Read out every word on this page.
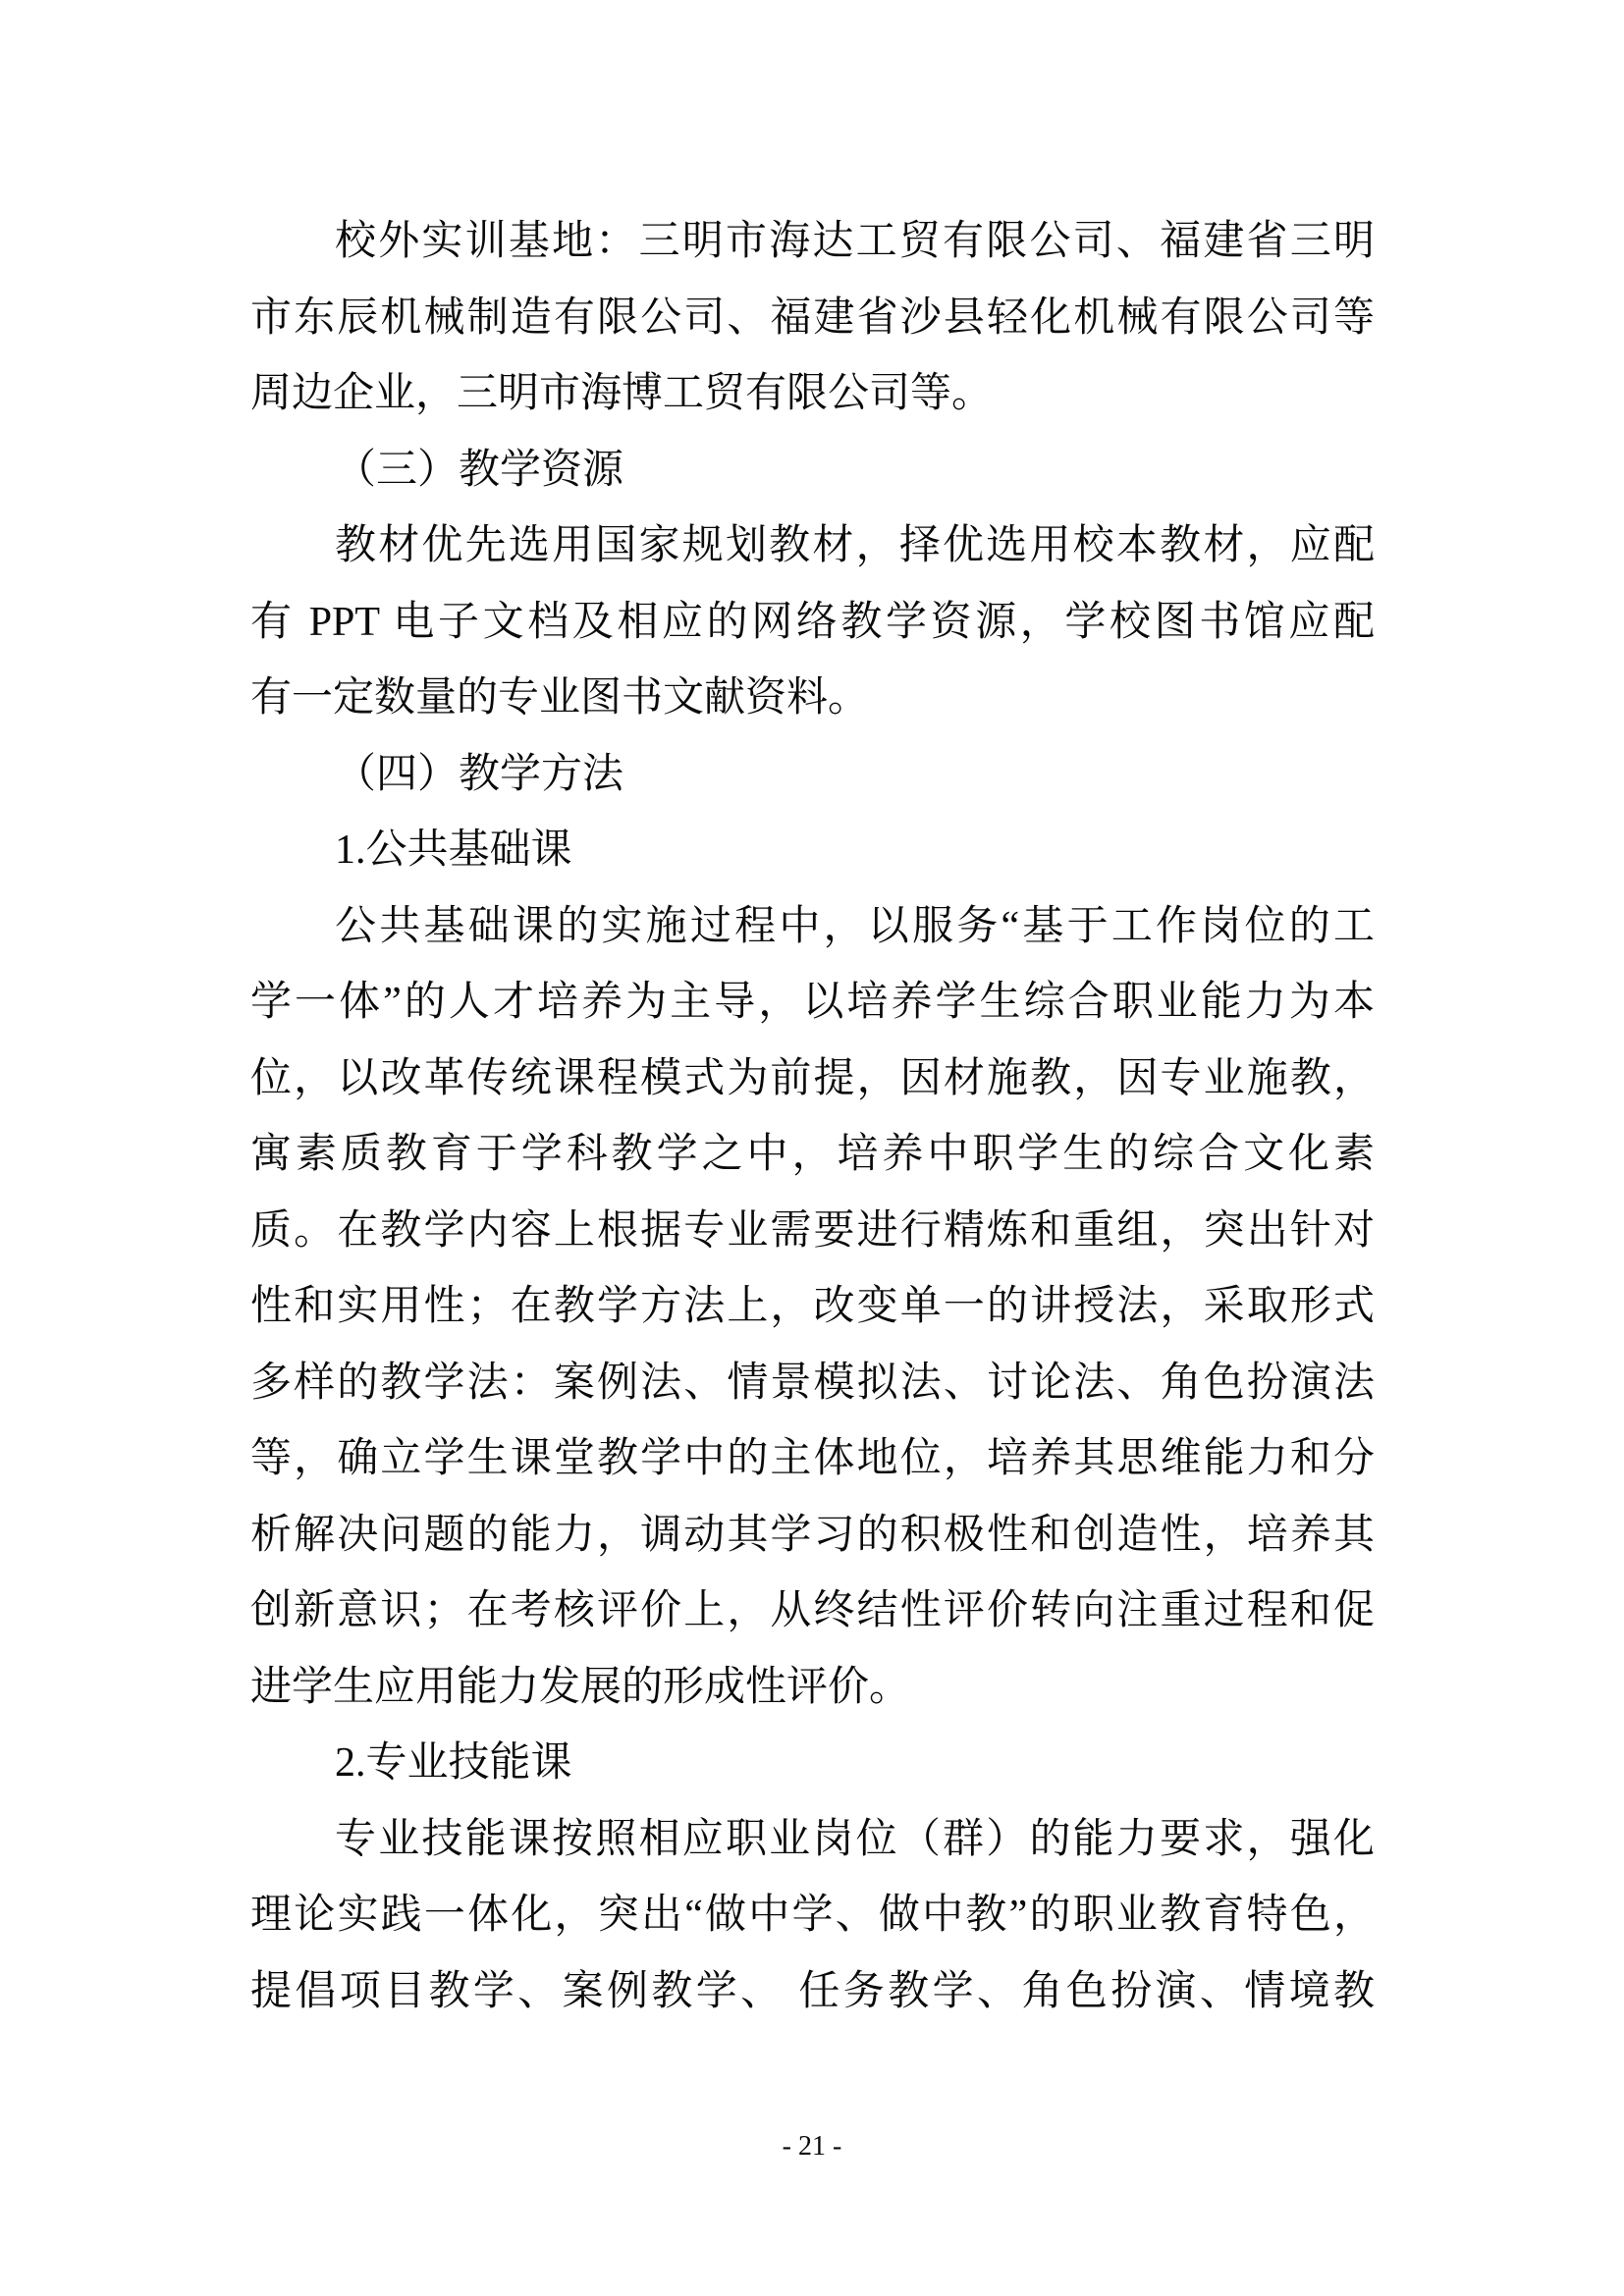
校外实训基地：三明市海达工贸有限公司、福建省三明
市东辰机械制造有限公司、福建省沙县轻化机械有限公司等
周边企业，三明市海博工贸有限公司等。
（三）教学资源
教材优先选用国家规划教材，择优选用校本教材，应配
有 PPT 电子文档及相应的网络教学资源，学校图书馆应配
有一定数量的专业图书文献资料。
（四）教学方法
1.公共基础课
公共基础课的实施过程中，以服务“基于工作岗位的工
学一体”的人才培养为主导，以培养学生综合职业能力为本
位，以改革传统课程模式为前提，因材施教，因专业施教，
寓素质教育于学科教学之中，培养中职学生的综合文化素
质。在教学内容上根据专业需要进行精炼和重组，突出针对
性和实用性；在教学方法上，改变单一的讲授法，采取形式
多样的教学法：案例法、情景模拟法、讨论法、角色扮演法
等，确立学生课堂教学中的主体地位，培养其思维能力和分
析解决问题的能力，调动其学习的积极性和创造性，培养其
创新意识；在考核评价上，从终结性评价转向注重过程和促
进学生应用能力发展的形成性评价。
2.专业技能课
专业技能课按照相应职业岗位（群）的能力要求，强化
理论实践一体化，突出“做中学、做中教”的职业教育特色，
提倡项目教学、案例教学、 任务教学、角色扮演、情境教
- 21 -
